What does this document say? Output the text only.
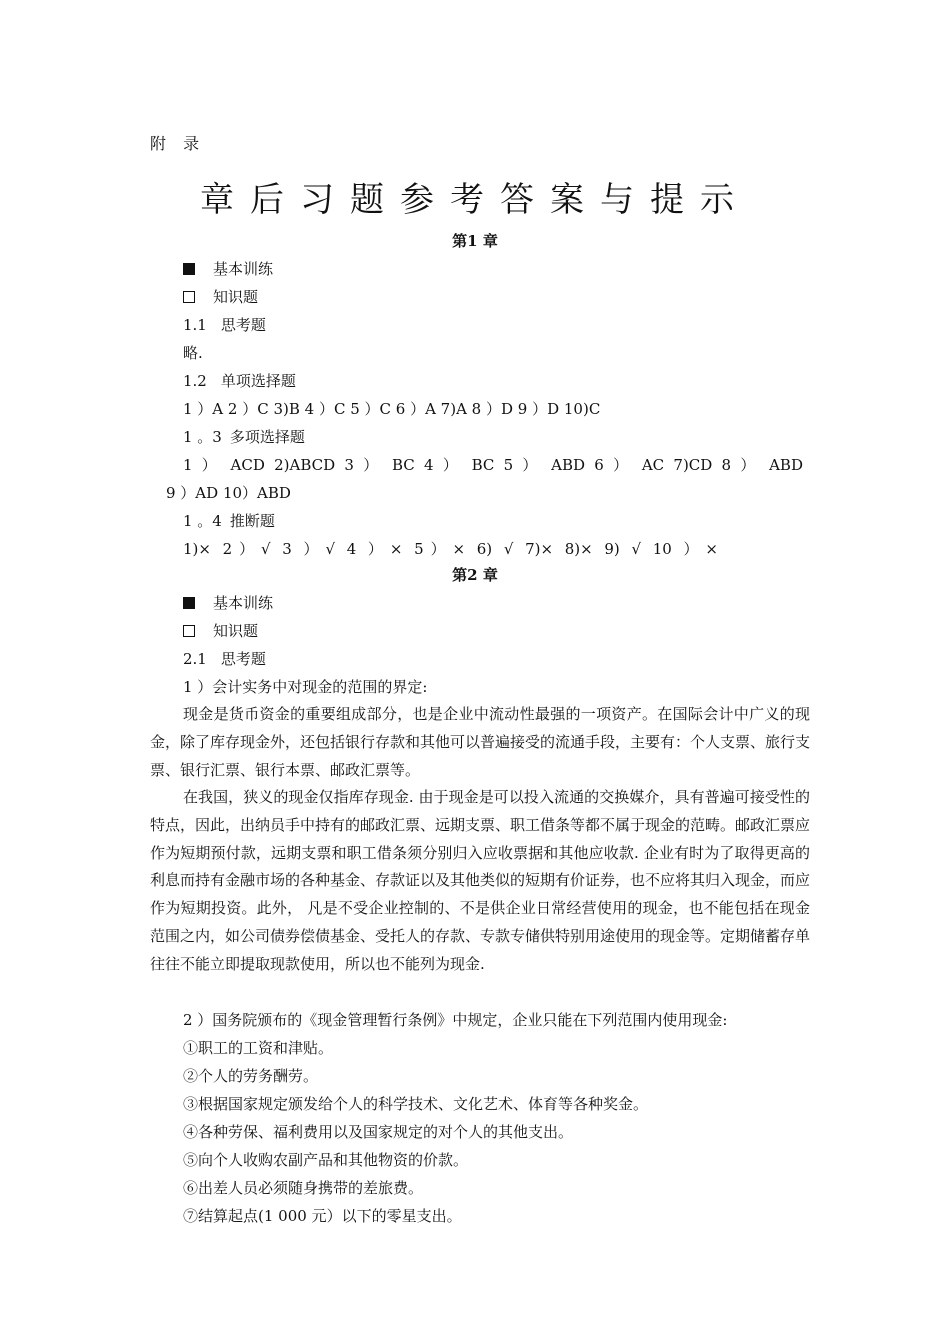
附 录
章后习题参考答案与提示
第1 章
基本训练
知识题
1.1 思考题
略.
1.2 单项选择题
1 ）A 2 ）C 3)B 4 ）C 5 ）C 6 ）A 7)A 8 ）D 9 ）D 10)C
1 。3 多项选择题
1 ） ACD 2)ABCD 3 ） BC 4 ） BC 5 ） ABD 6 ） AC 7)CD 8 ） ABD
9 ）AD 10）ABD
1 。4 推断题
1)× 2）√ 3 ）√ 4 ）× 5）× 6) √ 7)× 8)× 9) √ 10 ）×
第2 章
基本训练
知识题
2.1 思考题
1 ）会计实务中对现金的范围的界定:
现金是货币资金的重要组成部分，也是企业中流动性最强的一项资产。在国际会计中广义的现金，除了库存现金外，还包括银行存款和其他可以普遍接受的流通手段，主要有：个人支票、旅行支票、银行汇票、银行本票、邮政汇票等。
在我国，狭义的现金仅指库存现金. 由于现金是可以投入流通的交换媒介，具有普遍可接受性的特点，因此，出纳员手中持有的邮政汇票、远期支票、职工借条等都不属于现金的范畴。邮政汇票应作为短期预付款，远期支票和职工借条须分别归入应收票据和其他应收款. 企业有时为了取得更高的利息而持有金融市场的各种基金、存款证以及其他类似的短期有价证券，也不应将其归入现金，而应作为短期投资。此外， 凡是不受企业控制的、不是供企业日常经营使用的现金，也不能包括在现金范围之内，如公司债券偿债基金、受托人的存款、专款专储供特别用途使用的现金等。定期储蓄存单往往不能立即提取现款使用，所以也不能列为现金.
2 ）国务院颁布的《现金管理暂行条例》中规定，企业只能在下列范围内使用现金:
①职工的工资和津贴。
②个人的劳务酬劳。
③根据国家规定颁发给个人的科学技术、文化艺术、体育等各种奖金。
④各种劳保、福利费用以及国家规定的对个人的其他支出。
⑤向个人收购农副产品和其他物资的价款。
⑥出差人员必须随身携带的差旅费。
⑦结算起点(1 000 元）以下的零星支出。
